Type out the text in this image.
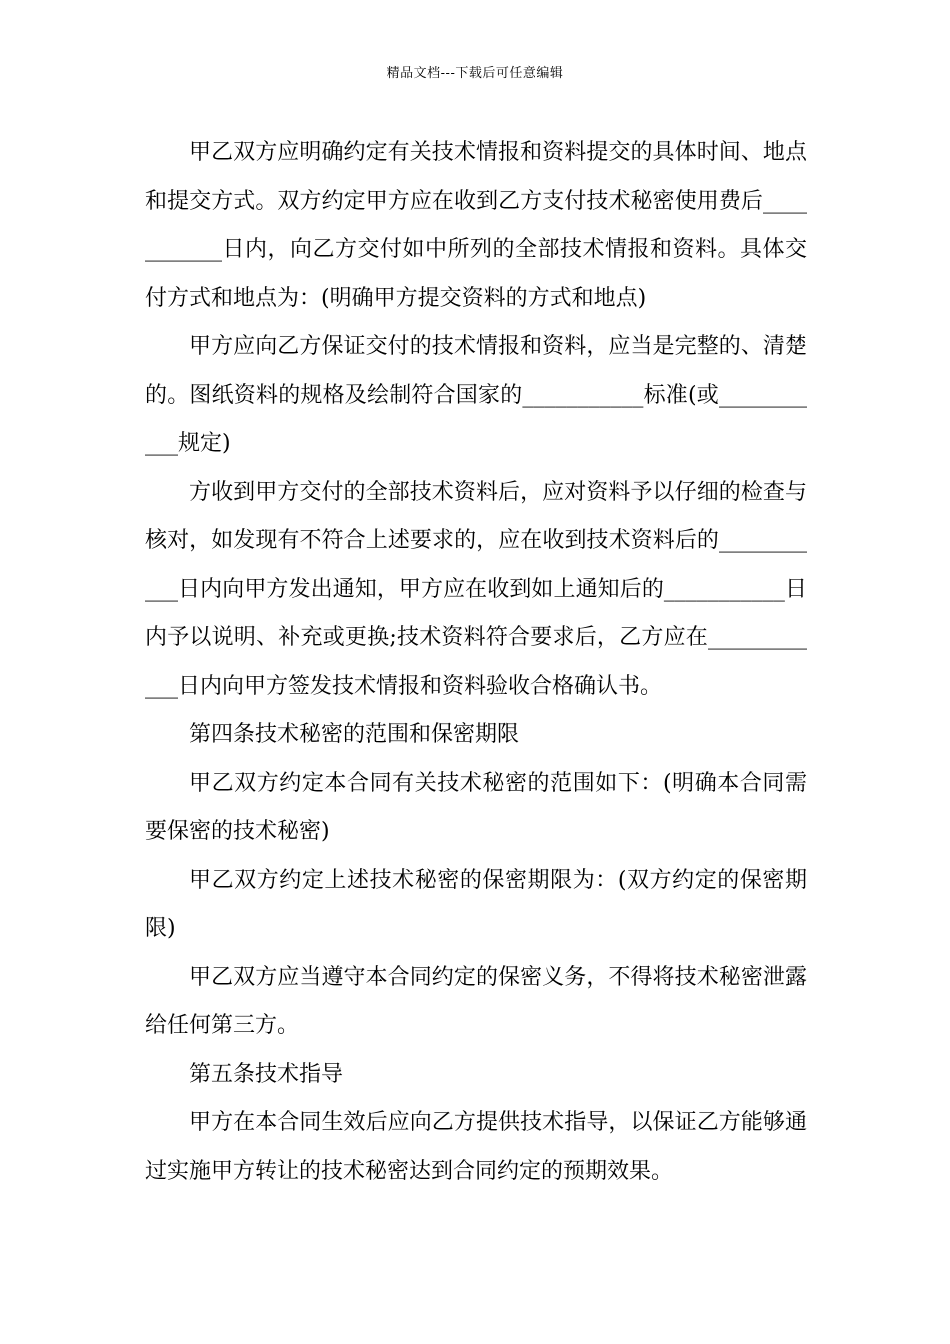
精品文档---下载后可任意编辑

甲乙双方应明确约定有关技术情报和资料提交的具体时间、地点和提交方式。双方约定甲方应在收到乙方支付技术秘密使用费后___________日内，向乙方交付如中所列的全部技术情报和资料。具体交付方式和地点为：(明确甲方提交资料的方式和地点)

甲方应向乙方保证交付的技术情报和资料，应当是完整的、清楚的。图纸资料的规格及绘制符合国家的___________标准(或___________规定)

方收到甲方交付的全部技术资料后，应对资料予以仔细的检查与核对，如发现有不符合上述要求的，应在收到技术资料后的___________日内向甲方发出通知，甲方应在收到如上通知后的___________日内予以说明、补充或更换;技术资料符合要求后，乙方应在____________日内向甲方签发技术情报和资料验收合格确认书。

第四条技术秘密的范围和保密期限

甲乙双方约定本合同有关技术秘密的范围如下：(明确本合同需要保密的技术秘密)

甲乙双方约定上述技术秘密的保密期限为：(双方约定的保密期限)

甲乙双方应当遵守本合同约定的保密义务，不得将技术秘密泄露给任何第三方。

第五条技术指导

甲方在本合同生效后应向乙方提供技术指导，以保证乙方能够通过实施甲方转让的技术秘密达到合同约定的预期效果。
